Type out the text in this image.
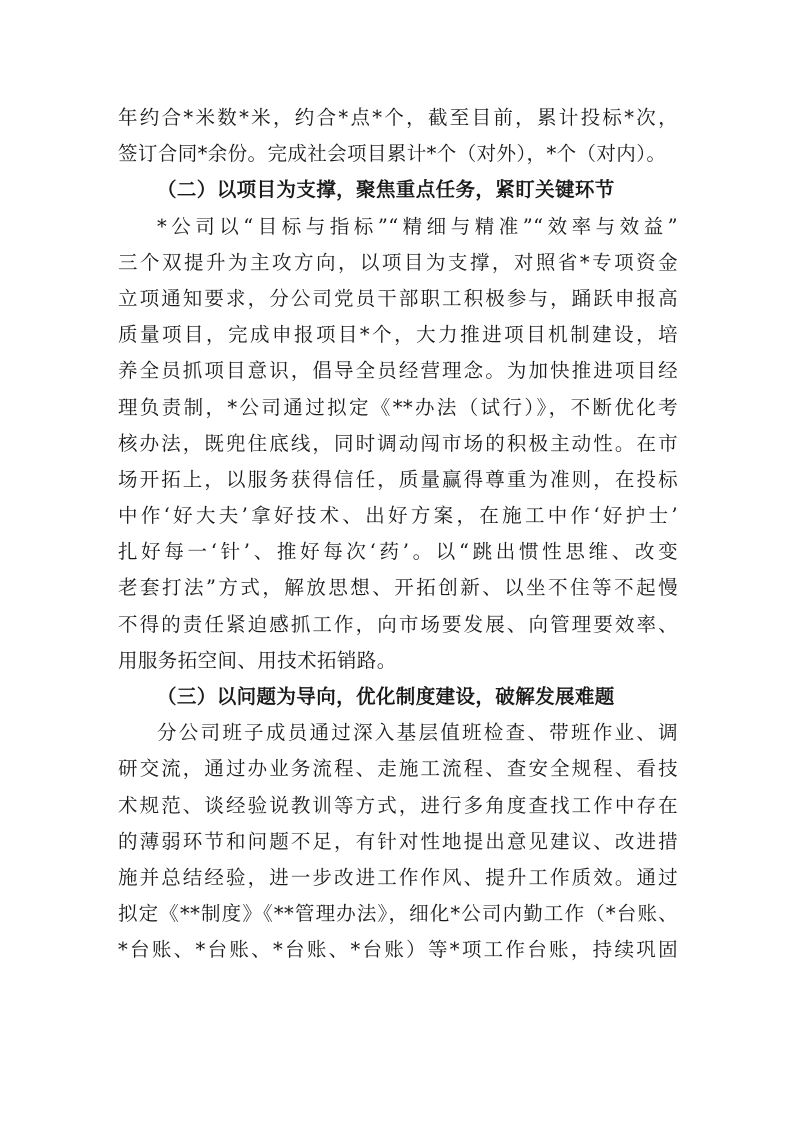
年约合*米数*米，约合*点*个，截至目前，累计投标*次，
签订合同*余份。完成社会项目累计*个（对外），*个（对内）。
（二）以项目为支撑，聚焦重点任务，紧盯关键环节
*公司以“目标与指标”“精细与精准”“效率与效益”
三个双提升为主攻方向，以项目为支撑，对照省*专项资金
立项通知要求，分公司党员干部职工积极参与，踊跃申报高
质量项目，完成申报项目*个，大力推进项目机制建设，培
养全员抓项目意识，倡导全员经营理念。为加快推进项目经
理负责制，*公司通过拟定《**办法（试行）》，不断优化考
核办法，既兜住底线，同时调动闯市场的积极主动性。在市
场开拓上，以服务获得信任，质量赢得尊重为准则，在投标
中作‘好大夫’拿好技术、出好方案，在施工中作‘好护士’
扎好每一‘针’、推好每次‘药’。以“跳出惯性思维、改变
老套打法”方式，解放思想、开拓创新、以坐不住等不起慢
不得的责任紧迫感抓工作，向市场要发展、向管理要效率、
用服务拓空间、用技术拓销路。
（三）以问题为导向，优化制度建设，破解发展难题
分公司班子成员通过深入基层值班检查、带班作业、调
研交流，通过办业务流程、走施工流程、查安全规程、看技
术规范、谈经验说教训等方式，进行多角度查找工作中存在
的薄弱环节和问题不足，有针对性地提出意见建议、改进措
施并总结经验，进一步改进工作作风、提升工作质效。通过
拟定《**制度》《**管理办法》，细化*公司内勤工作（*台账、
*台账、*台账、*台账、*台账）等*项工作台账，持续巩固
